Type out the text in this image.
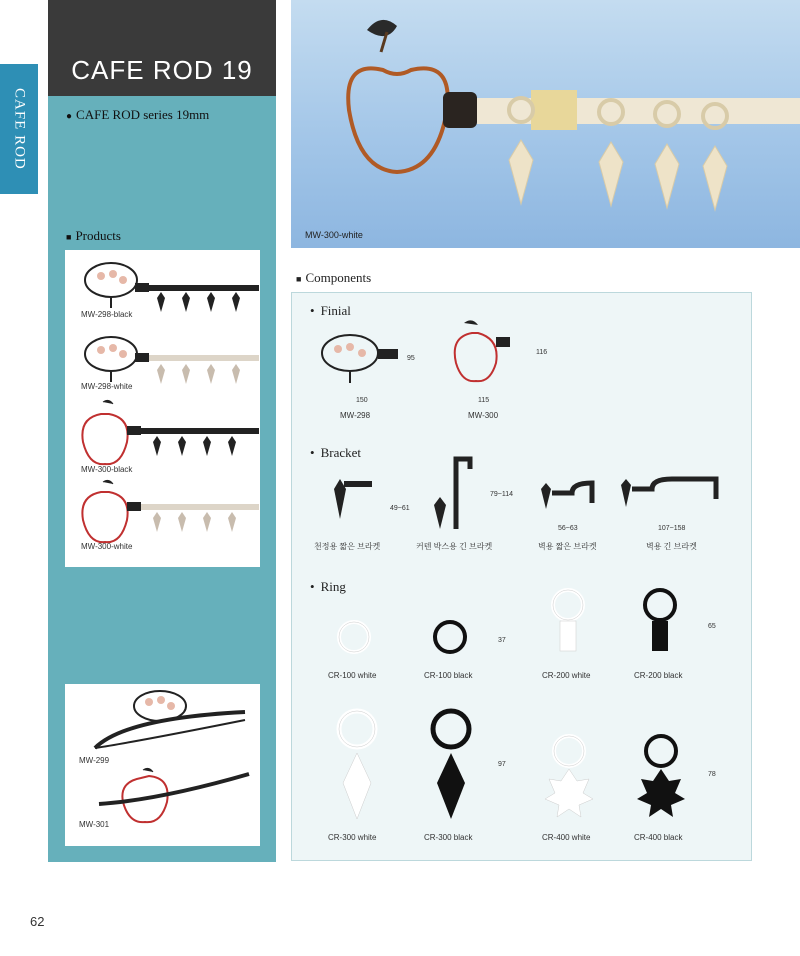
CAFE ROD
CAFE ROD 19
● CAFE ROD series 19mm
■ Products
MW-298-black
MW-298-white
MW-300-black
MW-300-white
MW-299
MW-301
MW-300-white
■ Components
• Finial
95
150
MW-298
116
115
MW-300
• Bracket
49~61
천정용 짧은 브라켓
79~114
커텐 박스용 긴 브라켓
56~63
벽용 짧은 브라켓
107~158
벽용 긴 브라켓
• Ring
CR-100 white
37
CR-100 black	CR-200 white
65
CR-200 black
CR-300 white
97
CR-300 black	CR-400 white
78
CR-400 black
62
